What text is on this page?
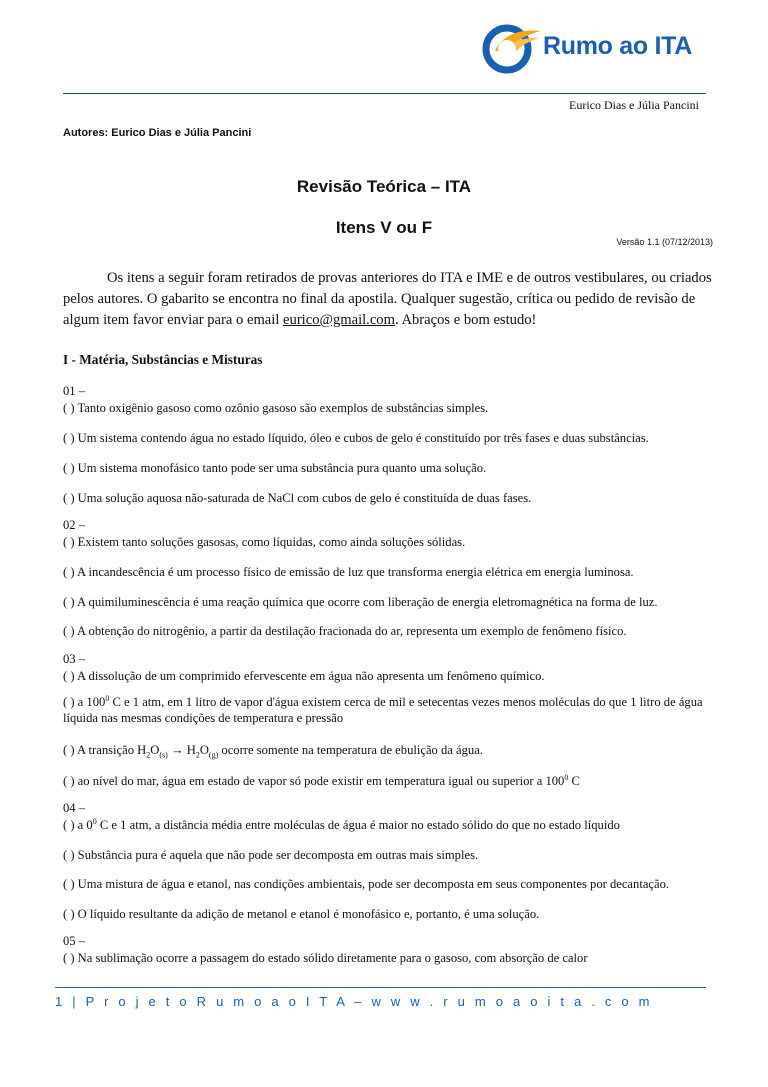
Rumo ao ITA
Eurico Dias e Júlia Pancini
Autores: Eurico Dias e Júlia Pancini
Revisão Teórica – ITA
Itens V ou F
Versão 1.1 (07/12/2013)

Os itens a seguir foram retirados de provas anteriores do ITA e IME e de outros vestibulares, ou criados pelos autores. O gabarito se encontra no final da apostila. Qualquer sugestão, crítica ou pedido de revisão de algum item favor enviar para o email eurico@gmail.com. Abraços e bom estudo!

I - Matéria, Substâncias e Misturas
01 –

( ) Tanto oxigênio gasoso como ozônio gasoso são exemplos de substâncias simples.

( ) Um sistema contendo água no estado líquido, óleo e cubos de gelo é constituído por três fases e duas substâncias.

( ) Um sistema monofásico tanto pode ser uma substância pura quanto uma solução.

( ) Uma solução aquosa não-saturada de NaCl com cubos de gelo é constituída de duas fases.

02 –

( ) Existem tanto soluções gasosas, como líquidas, como ainda soluções sólidas.

( ) A incandescência é um processo físico de emissão de luz que transforma energia elétrica em energia luminosa.

( ) A quimiluminescência é uma reação química que ocorre com liberação de energia eletromagnética na forma de luz.

( ) A obtenção do nitrogênio, a partir da destilação fracionada do ar, representa um exemplo de fenômeno físico.

03 –

( ) A dissolução de um comprimido efervescente em água não apresenta um fenômeno químico.

( ) a $100^0$ C e 1 atm, em 1 litro de vapor d'água existem cerca de mil e setecentas vezes menos moléculas do que 1 litro de água líquida nas mesmas condições de temperatura e pressão

( ) A transição $H_2O_{(s)} \to H_2O_{(g)}$ ocorre somente na temperatura de ebulição da água.

( ) ao nível do mar, água em estado de vapor só pode existir em temperatura igual ou superior a $100^0$ C

04 –

( ) a $0^0$ C e 1 atm, a distância média entre moléculas de água é maior no estado sólido do que no estado líquido

( ) Substância pura é aquela que não pode ser decomposta em outras mais simples.

( ) Uma mistura de água e etanol, nas condições ambientais, pode ser decomposta em seus componentes por decantação.

( ) O líquido resultante da adição de metanol e etanol é monofásico e, portanto, é uma solução.

05 –

( ) Na sublimação ocorre a passagem do estado sólido diretamente para o gasoso, com absorção de calor

1 | P r o j e t o R u m o a o I T A – w w w . r u m o a o i t a . c o m
